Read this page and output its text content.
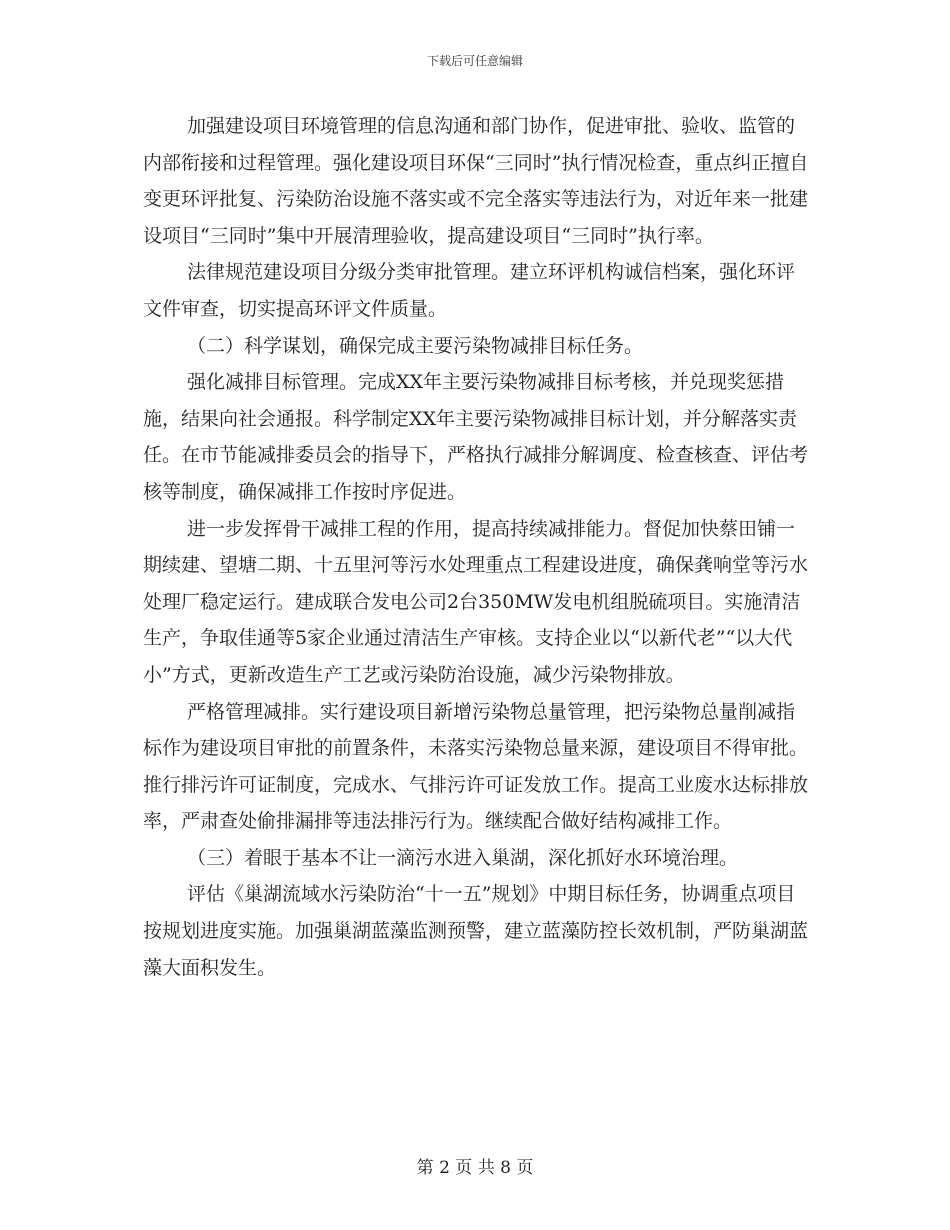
下载后可任意编辑

加强建设项目环境管理的信息沟通和部门协作，促进审批、验收、监管的内部衔接和过程管理。强化建设项目环保“三同时”执行情况检查，重点纠正擅自变更环评批复、污染防治设施不落实或不完全落实等违法行为，对近年来一批建设项目“三同时”集中开展清理验收，提高建设项目“三同时”执行率。

法律规范建设项目分级分类审批管理。建立环评机构诚信档案，强化环评文件审查，切实提高环评文件质量。

（二）科学谋划，确保完成主要污染物减排目标任务。

强化减排目标管理。完成XX年主要污染物减排目标考核，并兑现奖惩措施，结果向社会通报。科学制定XX年主要污染物减排目标计划，并分解落实责任。在市节能减排委员会的指导下，严格执行减排分解调度、检查核查、评估考核等制度，确保减排工作按时序促进。

进一步发挥骨干减排工程的作用，提高持续减排能力。督促加快蔡田铺一期续建、望塘二期、十五里河等污水处理重点工程建设进度，确保龚响堂等污水处理厂稳定运行。建成联合发电公司2台350MW发电机组脱硫项目。实施清洁生产，争取佳通等5家企业通过清洁生产审核。支持企业以“以新代老”“以大代小”方式，更新改造生产工艺或污染防治设施，减少污染物排放。

严格管理减排。实行建设项目新增污染物总量管理，把污染物总量削减指标作为建设项目审批的前置条件，未落实污染物总量来源，建设项目不得审批。推行排污许可证制度，完成水、气排污许可证发放工作。提高工业废水达标排放率，严肃查处偷排漏排等违法排污行为。继续配合做好结构减排工作。

（三）着眼于基本不让一滴污水进入巢湖，深化抓好水环境治理。

评估《巢湖流域水污染防治“十一五”规划》中期目标任务，协调重点项目按规划进度实施。加强巢湖蓝藻监测预警，建立蓝藻防控长效机制，严防巢湖蓝藻大面积发生。

第 2 页 共 8 页
